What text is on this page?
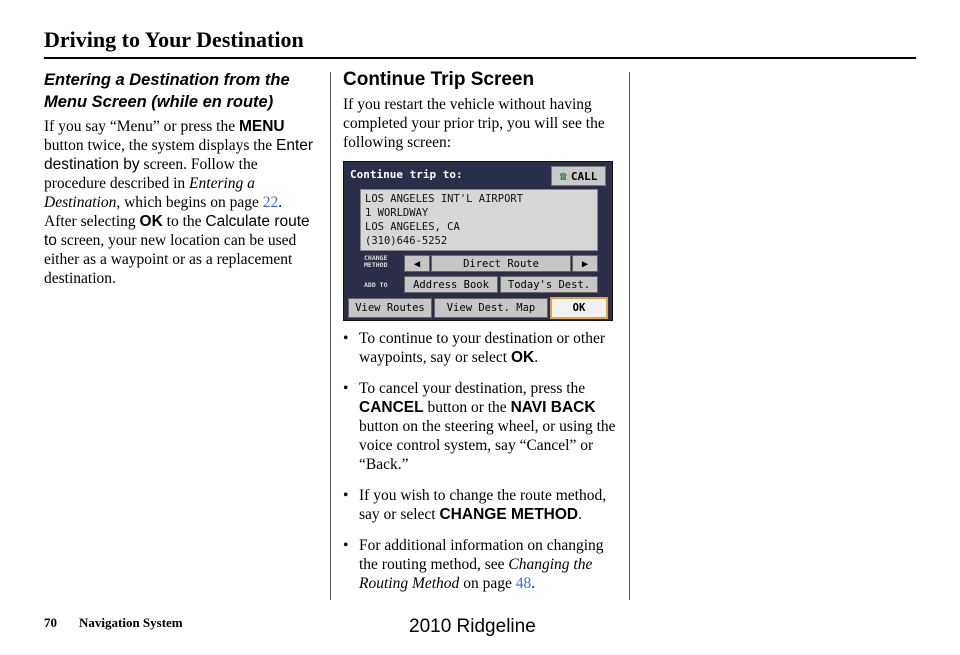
Driving to Your Destination
Entering a Destination from the Menu Screen (while en route)

If you say “Menu” or press the MENU button twice, the system displays the Enter destination by screen. Follow the procedure described in Entering a Destination, which begins on page 22. After selecting OK to the Calculate route to screen, your new location can be used either as a waypoint or as a replacement destination.

Continue Trip Screen

If you restart the vehicle without having completed your prior trip, you will see the following screen:

Continue trip to:	☎ CALL
LOS ANGELES INT'L AIRPORT
1 WORLDWAY
LOS ANGELES, CA
(310)646-5252
CHANGE METHOD
ADD TO
◀	Direct Route	▶
Address Book	Today's Dest.
View Routes	View Dest. Map	OK
• To continue to your destination or other waypoints, say or select OK.
• To cancel your destination, press the CANCEL button or the NAVI BACK button on the steering wheel, or using the voice control system, say “Cancel” or “Back.”
• If you wish to change the route method, say or select CHANGE METHOD.
• For additional information on changing the routing method, see Changing the Routing Method on page 48.
70 Navigation System	2010 Ridgeline
